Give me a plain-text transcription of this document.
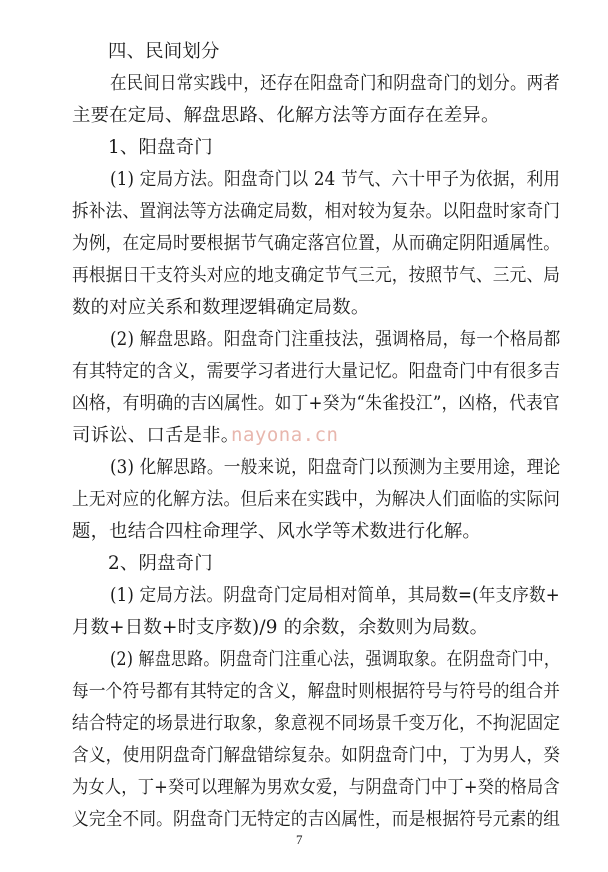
四、民间划分
在民间日常实践中，还存在阳盘奇门和阴盘奇门的划分。两者
主要在定局、解盘思路、化解方法等方面存在差异。
1、阳盘奇门
(1) 定局方法。阳盘奇门以 24 节气、六十甲子为依据，利用
拆补法、置润法等方法确定局数，相对较为复杂。以阳盘时家奇门
为例，在定局时要根据节气确定落宫位置，从而确定阴阳遁属性。
再根据日干支符头对应的地支确定节气三元，按照节气、三元、局
数的对应关系和数理逻辑确定局数。
(2) 解盘思路。阳盘奇门注重技法，强调格局，每一个格局都
有其特定的含义，需要学习者进行大量记忆。阳盘奇门中有很多吉
凶格，有明确的吉凶属性。如丁+癸为“朱雀投江”，凶格，代表官
司诉讼、口舌是非。
(3) 化解思路。一般来说，阳盘奇门以预测为主要用途，理论
上无对应的化解方法。但后来在实践中，为解决人们面临的实际问
题，也结合四柱命理学、风水学等术数进行化解。
2、阴盘奇门
(1) 定局方法。阴盘奇门定局相对简单，其局数=(年支序数+
月数+日数+时支序数)/9 的余数，余数则为局数。
(2) 解盘思路。阴盘奇门注重心法，强调取象。在阴盘奇门中，
每一个符号都有其特定的含义，解盘时则根据符号与符号的组合并
结合特定的场景进行取象，象意视不同场景千变万化，不拘泥固定
含义，使用阴盘奇门解盘错综复杂。如阴盘奇门中，丁为男人，癸
为女人，丁+癸可以理解为男欢女爱，与阴盘奇门中丁+癸的格局含
义完全不同。阴盘奇门无特定的吉凶属性，而是根据符号元素的组
nayona.cn
7
